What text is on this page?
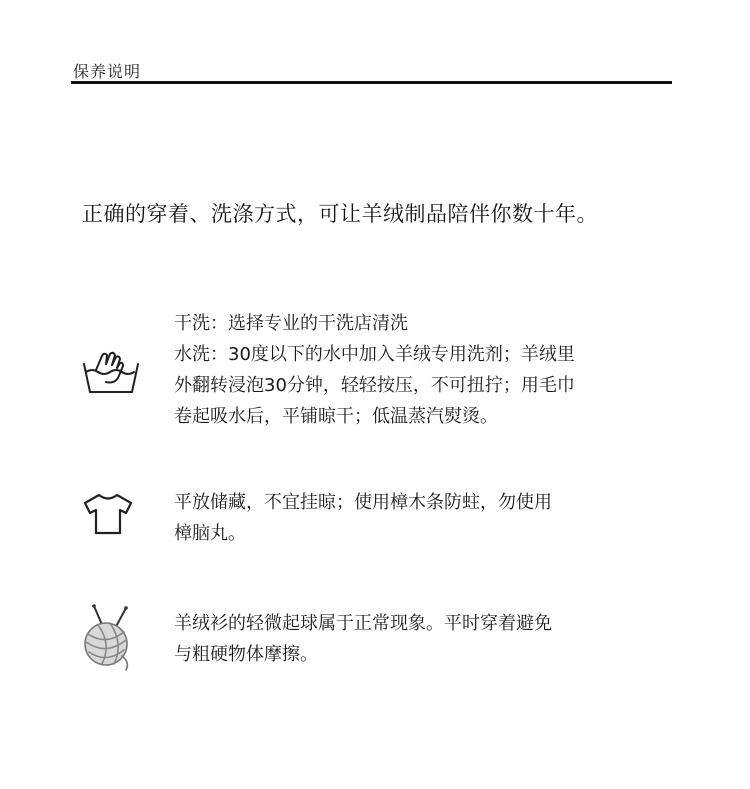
保养说明
正确的穿着、洗涤方式，可让羊绒制品陪伴你数十年。
干洗：选择专业的干洗店清洗
水洗：30度以下的水中加入羊绒专用洗剂；羊绒里
外翻转浸泡30分钟，轻轻按压，不可扭拧；用毛巾
卷起吸水后，平铺晾干；低温蒸汽熨烫。
平放储藏，不宜挂晾；使用樟木条防蛀，勿使用
樟脑丸。
羊绒衫的轻微起球属于正常现象。平时穿着避免
与粗硬物体摩擦。
